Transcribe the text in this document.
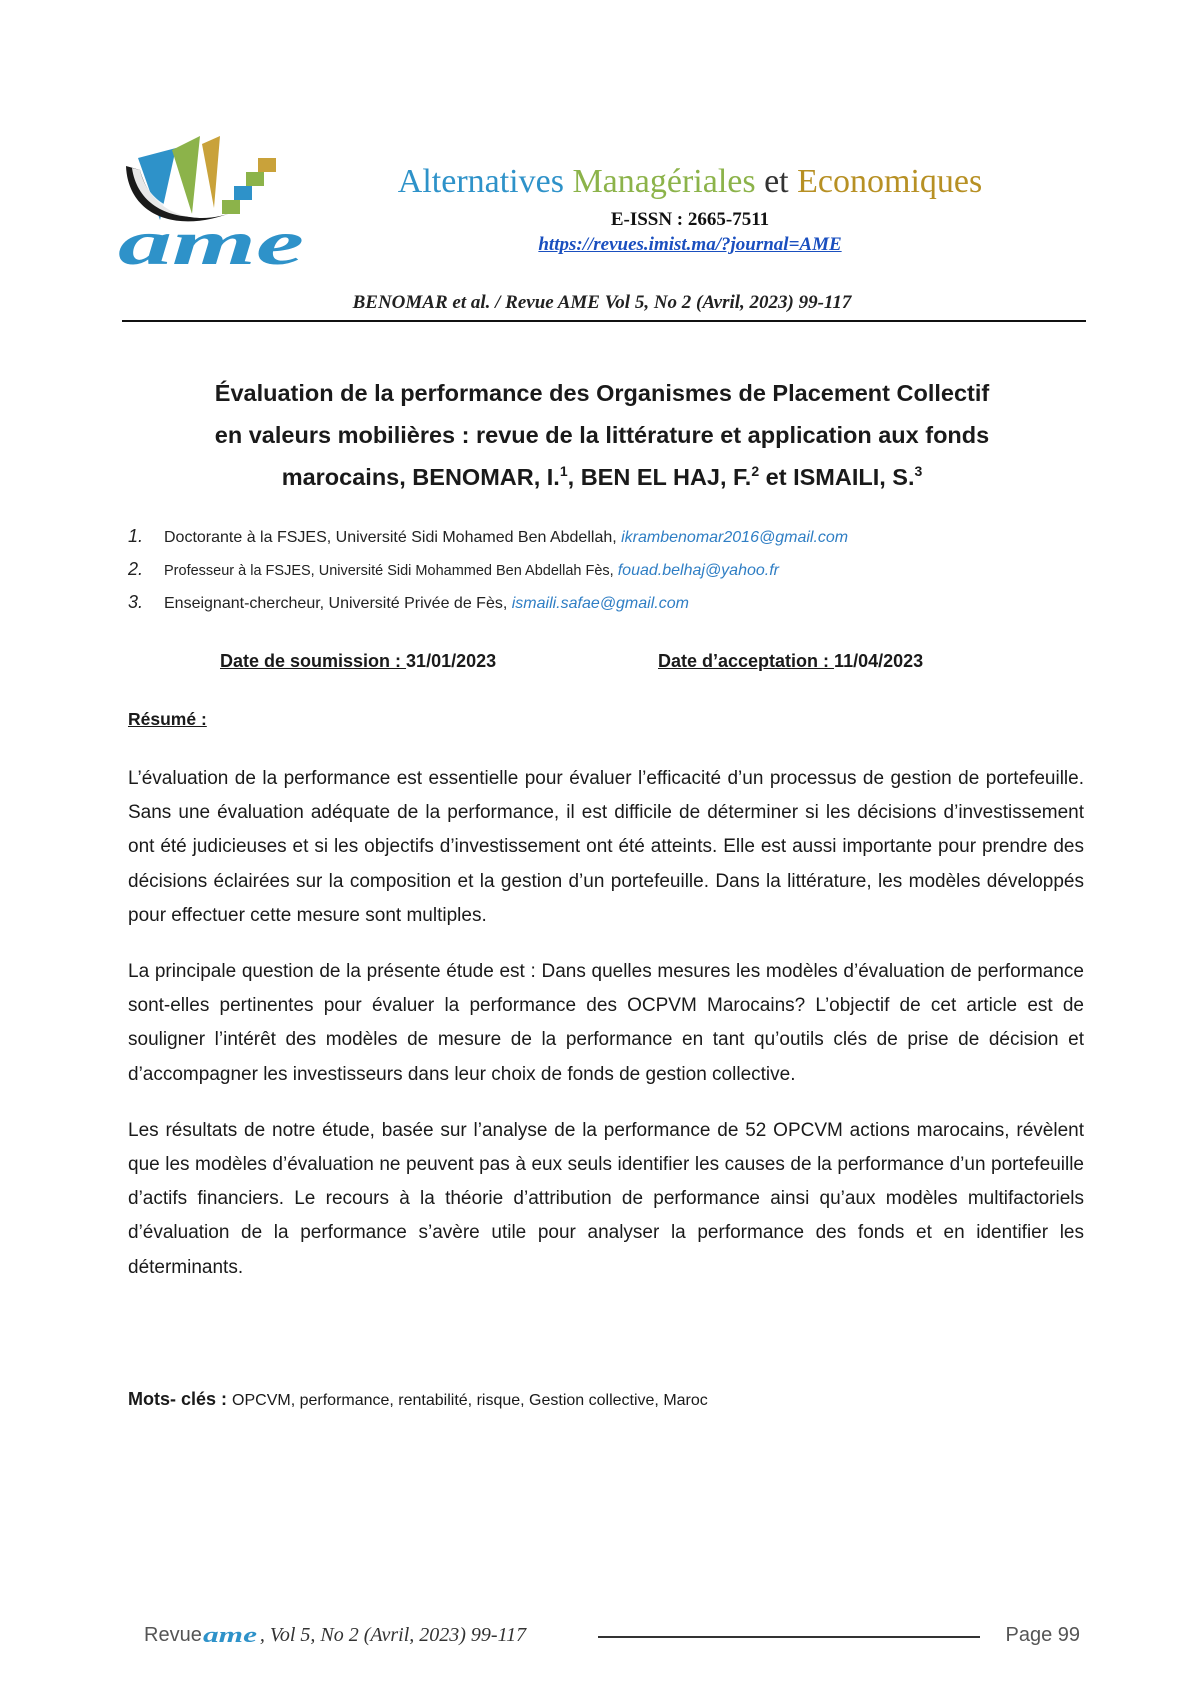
ame

Alternatives Managériales et Economiques

E-ISSN : 2665-7511

https://revues.imist.ma/?journal=AME
BENOMAR et al. / Revue AME Vol 5, No 2 (Avril, 2023) 99-117
Évaluation de la performance des Organismes de Placement Collectif
en valeurs mobilières : revue de la littérature et application aux fonds
marocains, BENOMAR, I.$^1$, BEN EL HAJ, F.$^2$ et ISMAILI, S.$^3$
1. Doctorante à la FSJES, Université Sidi Mohamed Ben Abdellah, ikrambenomar2016@gmail.com
2. Professeur à la FSJES, Université Sidi Mohammed Ben Abdellah Fès, fouad.belhaj@yahoo.fr
3. Enseignant-chercheur, Université Privée de Fès, ismaili.safae@gmail.com
Date de soumission : 31/01/2023	Date d’acceptation : 11/04/2023
Résumé :

L’évaluation de la performance est essentielle pour évaluer l’efficacité d’un processus de gestion de portefeuille. Sans une évaluation adéquate de la performance, il est difficile de déterminer si les décisions d’investissement ont été judicieuses et si les objectifs d’investissement ont été atteints. Elle est aussi importante pour prendre des décisions éclairées sur la composition et la gestion d’un portefeuille. Dans la littérature, les modèles développés pour effectuer cette mesure sont multiples.

La principale question de la présente étude est : Dans quelles mesures les modèles d’évaluation de performance sont-elles pertinentes pour évaluer la performance des OCPVM Marocains? L’objectif de cet article est de souligner l’intérêt des modèles de mesure de la performance en tant qu’outils clés de prise de décision et d’accompagner les investisseurs dans leur choix de fonds de gestion collective.

Les résultats de notre étude, basée sur l’analyse de la performance de 52 OPCVM actions marocains, révèlent que les modèles d’évaluation ne peuvent pas à eux seuls identifier les causes de la performance d’un portefeuille d’actifs financiers. Le recours à la théorie d’attribution de performance ainsi qu’aux modèles multifactoriels d’évaluation de la performance s’avère utile pour analyser la performance des fonds et en identifier les déterminants.

Mots- clés : OPCVM, performance, rentabilité, risque, Gestion collective, Maroc
Revue ame , Vol 5, No 2 (Avril, 2023) 99-117	Page 99
